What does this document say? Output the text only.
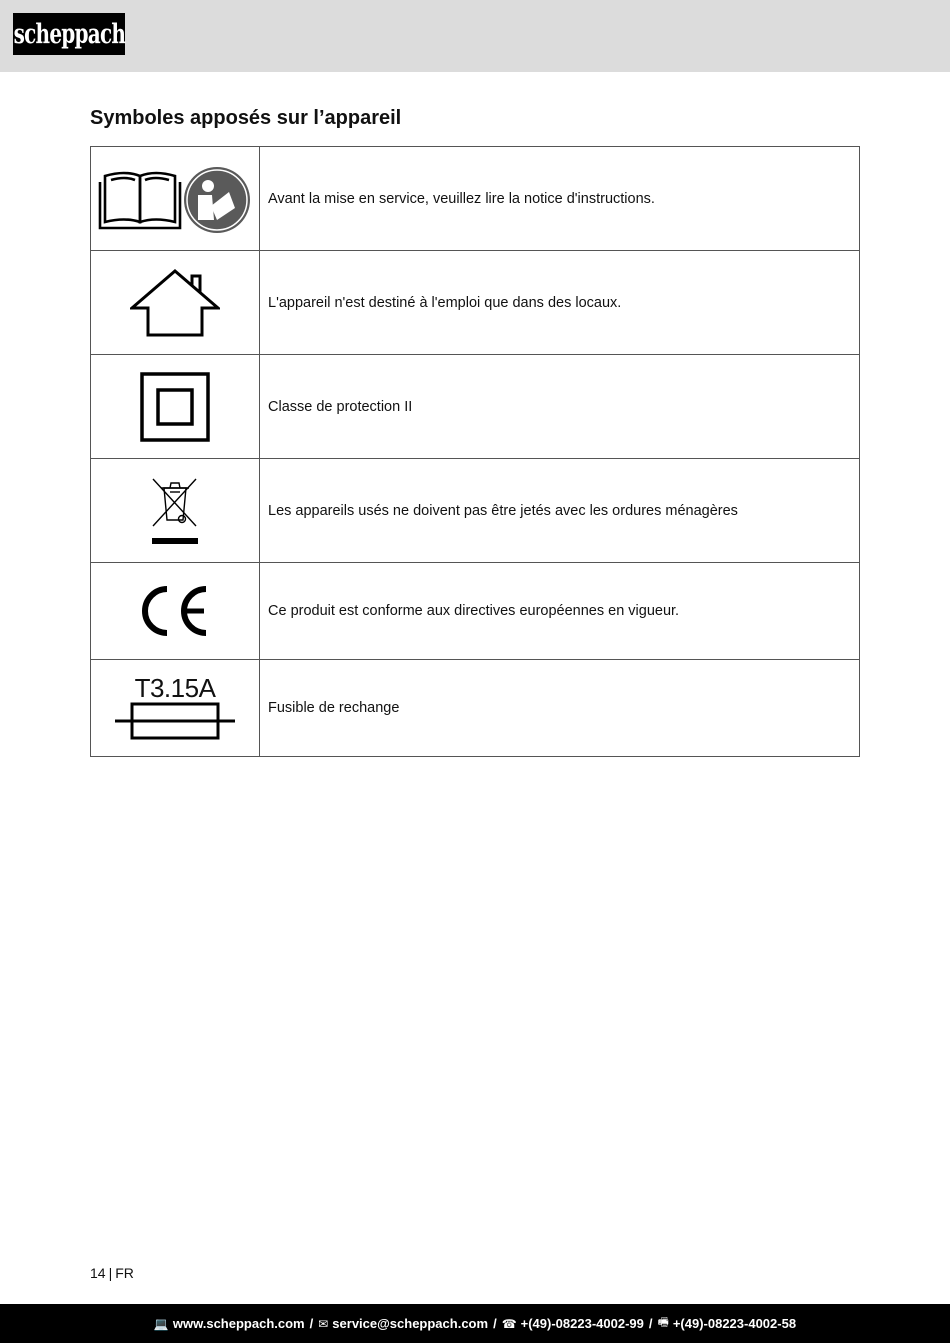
scheppach
Symboles apposés sur l’appareil
	Avant la mise en service, veuillez lire la notice d'instructions.

	L'appareil n'est destiné à l'emploi que dans des locaux.

	Classe de protection II

	Les appareils usés ne doivent pas être jetés avec les ordures ménagères

	Ce produit est conforme aux directives européennes en vigueur.

T3.15A	Fusible de rechange
14 | FR
💻 www.scheppach.com / ✉ service@scheppach.com / ☎ +(49)-08223-4002-99 / 🖷 +(49)-08223-4002-58
